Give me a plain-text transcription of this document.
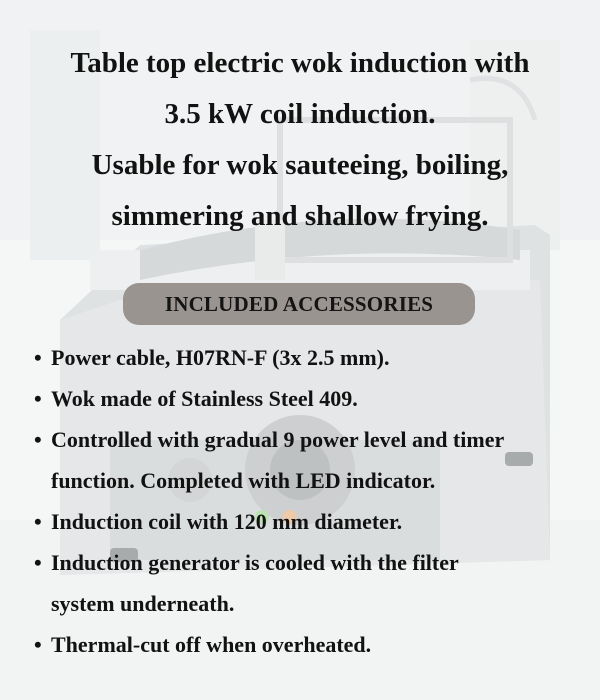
Table top electric wok induction with
3.5 kW coil induction.
Usable for wok sauteeing, boiling,
simmering and shallow frying.
INCLUDED ACCESSORIES
• Power cable, H07RN-F (3x 2.5 mm).
• Wok made of Stainless Steel 409.
• Controlled with gradual 9 power level and timer
function. Completed with LED indicator.
• Induction coil with 120 mm diameter.
• Induction generator is cooled with the filter
system underneath.
• Thermal-cut off when overheated.
